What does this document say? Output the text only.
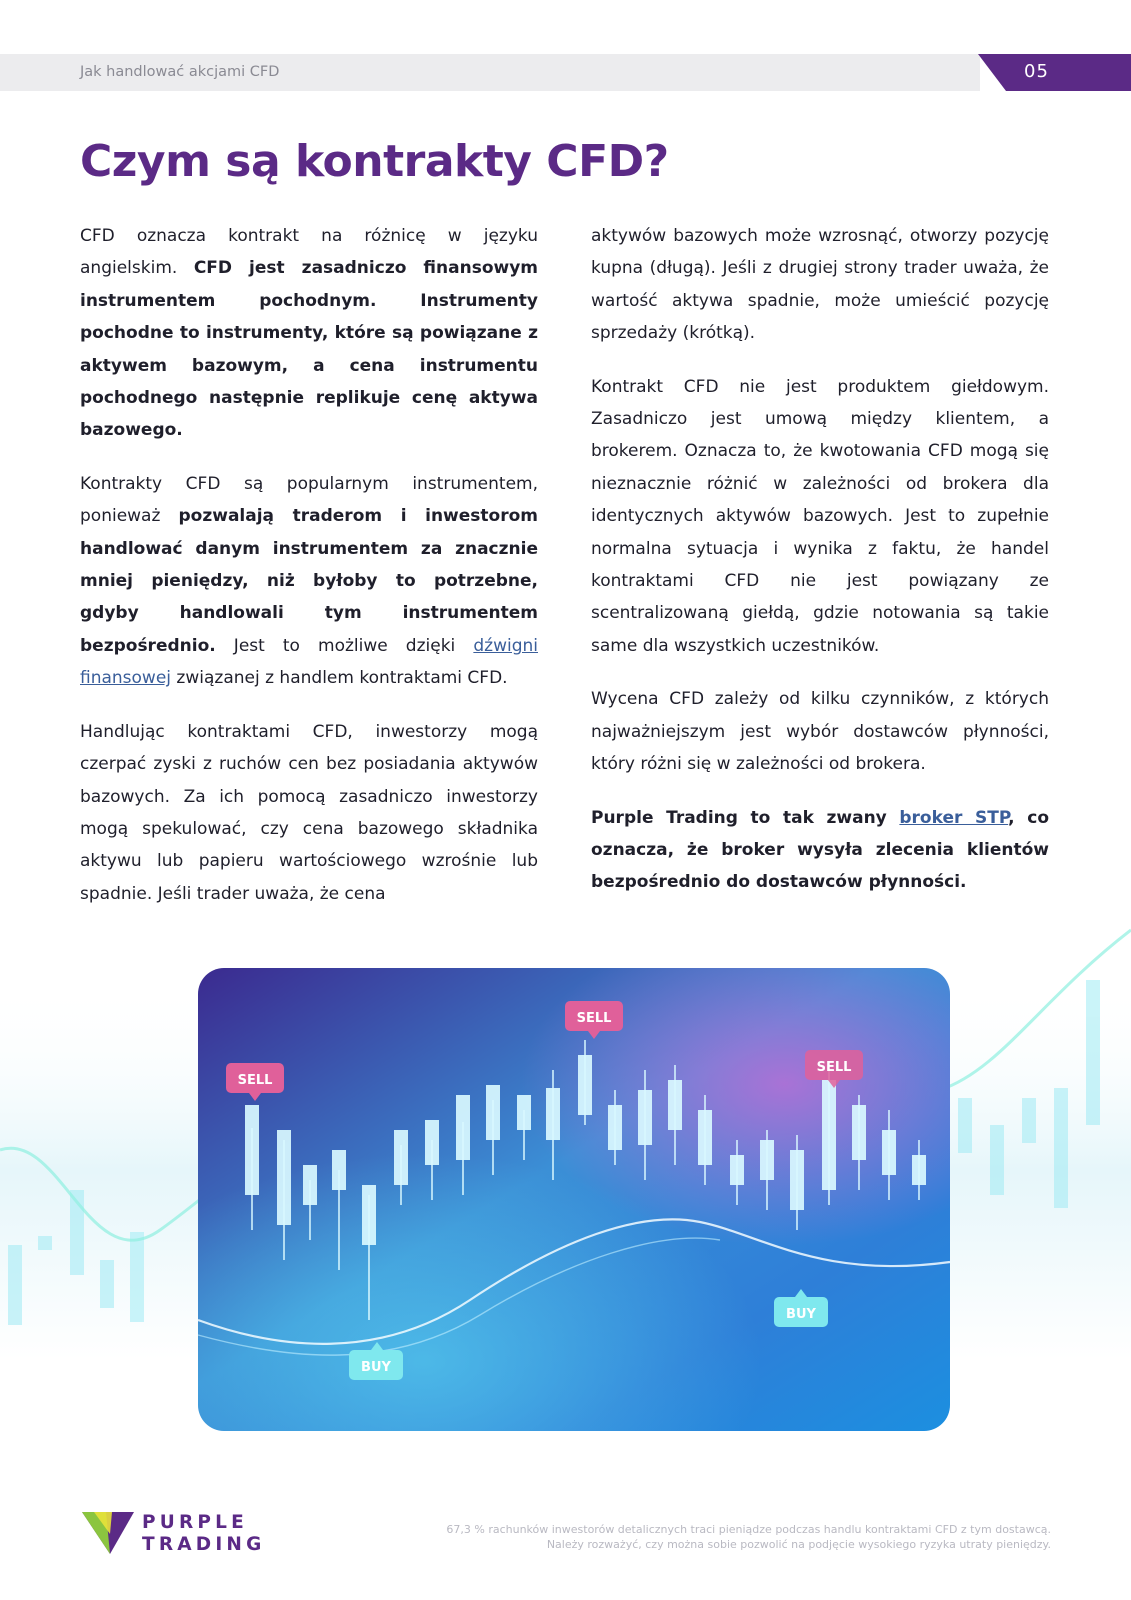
Jak handlować akcjami CFD	05
Czym są kontrakty CFD?

CFD oznacza kontrakt na różnicę w języku angielskim. CFD jest zasadniczo finansowym instrumentem pochodnym. Instrumenty pochodne to instrumenty, które są powiązane z aktywem bazowym, a cena instrumentu pochodnego następnie replikuje cenę aktywa bazowego.

Kontrakty CFD są popularnym instrumentem, ponieważ pozwalają traderom i inwestorom handlować danym instrumentem za znacznie mniej pieniędzy, niż byłoby to potrzebne, gdyby handlowali tym instrumentem bezpośrednio. Jest to możliwe dzięki dźwigni finansowej związanej z handlem kontraktami CFD.

Handlując kontraktami CFD, inwestorzy mogą czerpać zyski z ruchów cen bez posiadania aktywów bazowych. Za ich pomocą zasadniczo inwestorzy mogą spekulować, czy cena bazowego składnika aktywu lub papieru wartościowego wzrośnie lub spadnie. Jeśli trader uważa, że cena

aktywów bazowych może wzrosnąć, otworzy pozycję kupna (długą). Jeśli z drugiej strony trader uważa, że wartość aktywa spadnie, może umieścić pozycję sprzedaży (krótką).

Kontrakt CFD nie jest produktem giełdowym. Zasadniczo jest umową między klientem, a brokerem. Oznacza to, że kwotowania CFD mogą się nieznacznie różnić w zależności od brokera dla identycznych aktywów bazowych. Jest to zupełnie normalna sytuacja i wynika z faktu, że handel kontraktami CFD nie jest powiązany ze scentralizowaną giełdą, gdzie notowania są takie same dla wszystkich uczestników.

Wycena CFD zależy od kilku czynników, z których najważniejszym jest wybór dostawców płynności, który różni się w zależności od brokera.

Purple Trading to tak zwany broker STP, co oznacza, że broker wysyła zlecenia klientów bezpośrednio do dostawców płynności.

SELL
SELL
SELL
BUY
BUY
PURPLE
TRADING
67,3 % rachunków inwestorów detalicznych traci pieniądze podczas handlu kontraktami CFD z tym dostawcą.
Należy rozważyć, czy można sobie pozwolić na podjęcie wysokiego ryzyka utraty pieniędzy.
